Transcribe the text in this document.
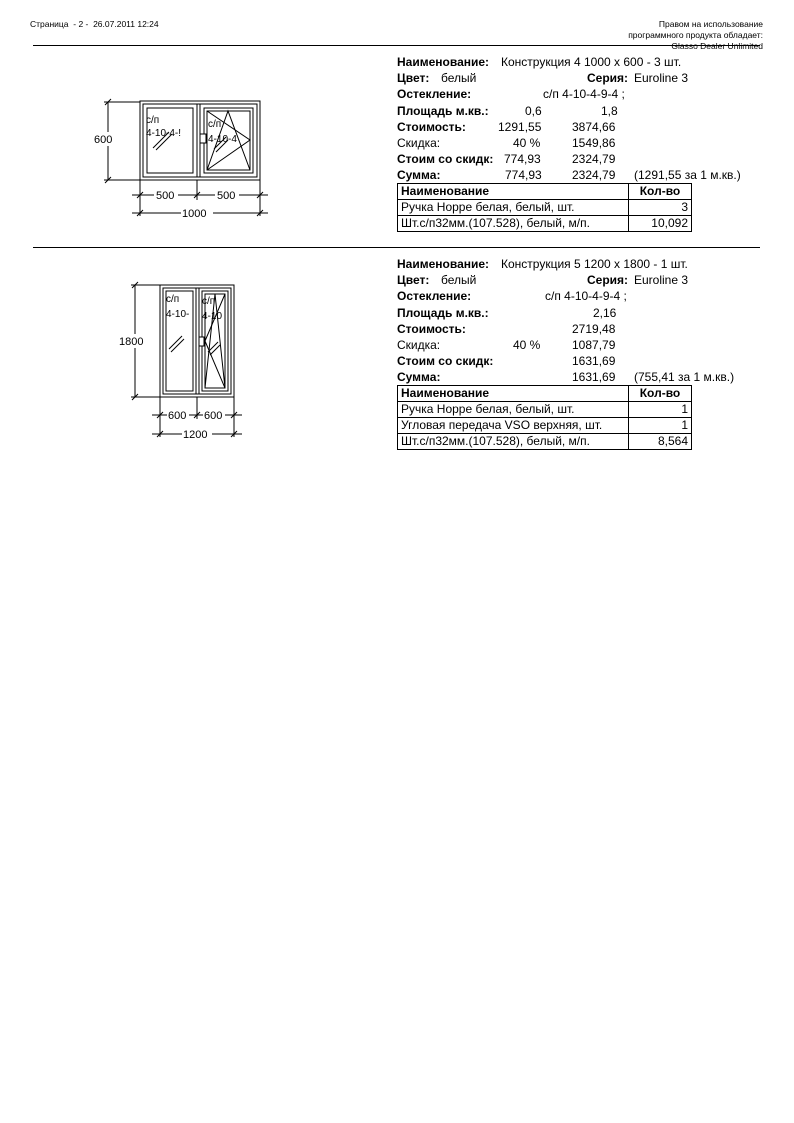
Страница  - 2 -  26.07.2011 12:24	Правом на использование
программного продукта обладает:
Glasso Dealer Unlimited
600
500	500
1000
с/п
4-10-4-!
с/п
4-10-4
Наименование: Конструкция 4 1000 х 600 - 3 шт.
Цвет: белый	Серия: Euroline 3
Остекление:	с/п 4-10-4-9-4 ;
Площадь м.кв.:	0,6	1,8
Стоимость:	1291,55	3874,66
Скидка:	40 %	1549,86
Стоим со скидк: 774,93	2324,79
Сумма:	774,93	2324,79 (1291,55 за 1 м.кв.)
Наименование	Кол-во
Ручка Hoppe белая, белый, шт.	3
Шт.с/п32мм.(107.528), белый, м/п.	10,092
1800
600 600
1200
с/п
4-10-
с/п
4-10
Наименование: Конструкция 5 1200 х 1800 - 1 шт.
Цвет: белый	Серия: Euroline 3
Остекление:	с/п 4-10-4-9-4 ;
Площадь м.кв.:	2,16
Стоимость:	2719,48
Скидка:	40 %	1087,79
Стоим со скидк:	1631,69
Сумма:	1631,69 (755,41 за 1 м.кв.)
Наименование	Кол-во
Ручка Hoppe белая, белый, шт.	1
Угловая передача VSO верхняя, шт.	1
Шт.с/п32мм.(107.528), белый, м/п.	8,564
